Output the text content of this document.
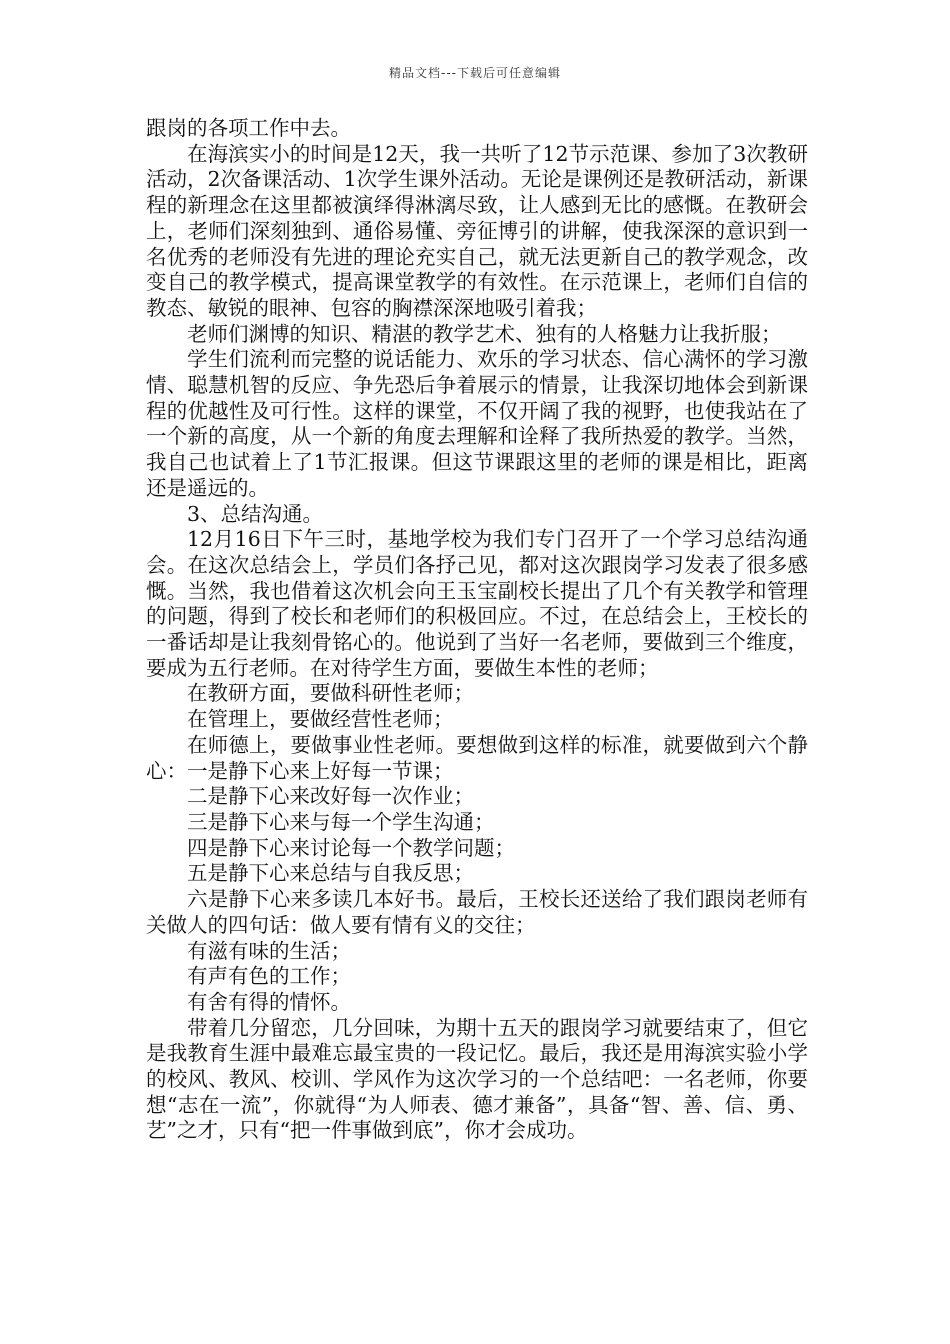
精品文档---下载后可任意编辑

跟岗的各项工作中去。

在海滨实小的时间是12天，我一共听了12节示范课、参加了3次教研活动，2次备课活动、1次学生课外活动。无论是课例还是教研活动，新课程的新理念在这里都被演绎得淋漓尽致，让人感到无比的感慨。在教研会上，老师们深刻独到、通俗易懂、旁征博引的讲解，使我深深的意识到一名优秀的老师没有先进的理论充实自己，就无法更新自己的教学观念，改变自己的教学模式，提高课堂教学的有效性。在示范课上，老师们自信的教态、敏锐的眼神、包容的胸襟深深地吸引着我；

老师们渊博的知识、精湛的教学艺术、独有的人格魅力让我折服；

学生们流利而完整的说话能力、欢乐的学习状态、信心满怀的学习激情、聪慧机智的反应、争先恐后争着展示的情景，让我深切地体会到新课程的优越性及可行性。这样的课堂，不仅开阔了我的视野，也使我站在了一个新的高度，从一个新的角度去理解和诠释了我所热爱的教学。当然，我自己也试着上了1节汇报课。但这节课跟这里的老师的课是相比，距离还是遥远的。

3、总结沟通。

12月16日下午三时，基地学校为我们专门召开了一个学习总结沟通会。在这次总结会上，学员们各抒己见，都对这次跟岗学习发表了很多感慨。当然，我也借着这次机会向王玉宝副校长提出了几个有关教学和管理的问题，得到了校长和老师们的积极回应。不过，在总结会上，王校长的一番话却是让我刻骨铭心的。他说到了当好一名老师，要做到三个维度，要成为五行老师。在对待学生方面，要做生本性的老师；

在教研方面，要做科研性老师；

在管理上，要做经营性老师；

在师德上，要做事业性老师。要想做到这样的标准，就要做到六个静心：一是静下心来上好每一节课；

二是静下心来改好每一次作业；

三是静下心来与每一个学生沟通；

四是静下心来讨论每一个教学问题；

五是静下心来总结与自我反思；

六是静下心来多读几本好书。最后，王校长还送给了我们跟岗老师有关做人的四句话：做人要有情有义的交往；

有滋有味的生活；

有声有色的工作；

有舍有得的情怀。

带着几分留恋，几分回味，为期十五天的跟岗学习就要结束了，但它是我教育生涯中最难忘最宝贵的一段记忆。最后，我还是用海滨实验小学的校风、教风、校训、学风作为这次学习的一个总结吧：一名老师，你要想“志在一流”，你就得“为人师表、德才兼备”，具备“智、善、信、勇、艺”之才，只有“把一件事做到底”，你才会成功。
